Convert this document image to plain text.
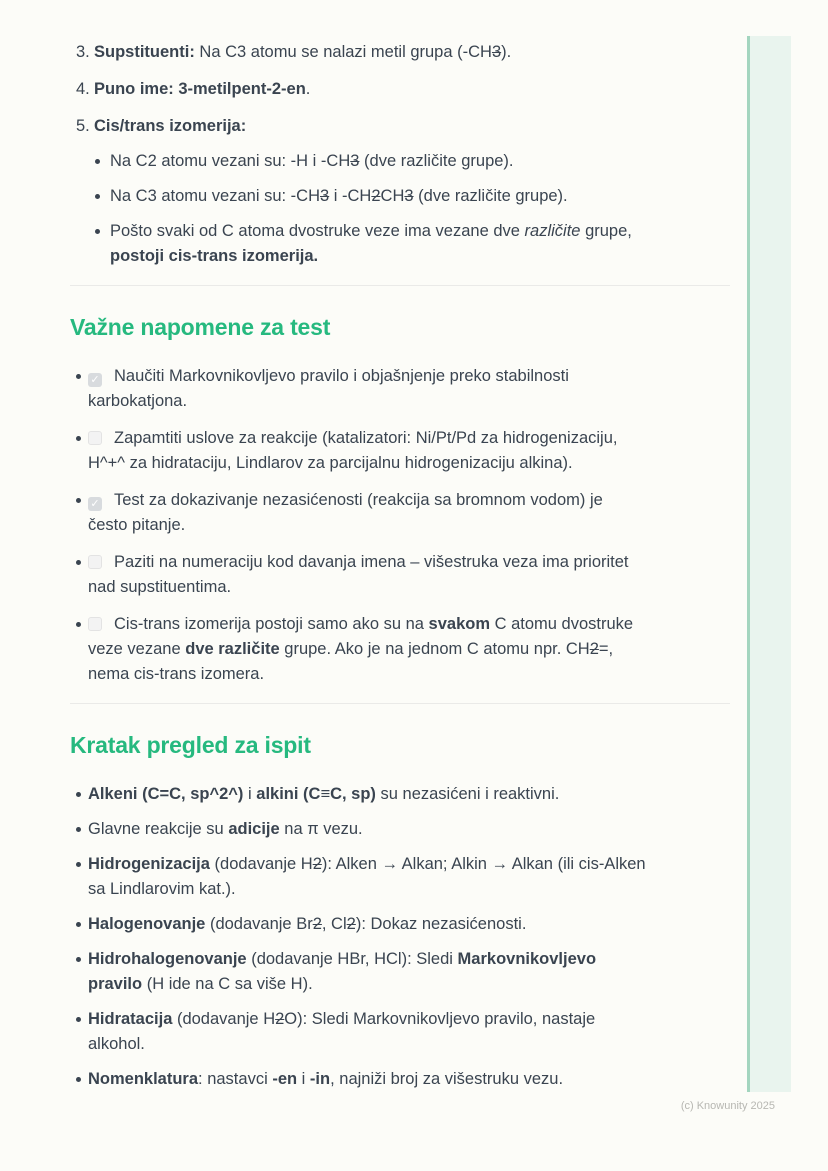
3. Supstituenti: Na C3 atomu se nalazi metil grupa (-CH3).
4. Puno ime: 3-metilpent-2-en.
5. Cis/trans izomerija:
Na C2 atomu vezani su: -H i -CH3 (dve različite grupe).
Na C3 atomu vezani su: -CH3 i -CH2CH3 (dve različite grupe).
Pošto svaki od C atoma dvostruke veze ima vezane dve različite grupe,
postoji cis-trans izomerija.
Važne napomene za test
✓ Naučiti Markovnikovljevo pravilo i objašnjenje preko stabilnosti
karbokatjona.
Zapamtiti uslove za reakcije (katalizatori: Ni/Pt/Pd za hidrogenizaciju,
H^+^ za hidrataciju, Lindlarov za parcijalnu hidrogenizaciju alkina).
✓ Test za dokazivanje nezasićenosti (reakcija sa bromnom vodom) je
često pitanje.
Paziti na numeraciju kod davanja imena – višestruka veza ima prioritet
nad supstituentima.
Cis-trans izomerija postoji samo ako su na svakom C atomu dvostruke
veze vezane dve različite grupe. Ako je na jednom C atomu npr. CH2=,
nema cis-trans izomera.
Kratak pregled za ispit
Alkeni (C=C, sp^2^) i alkini (C≡C, sp) su nezasićeni i reaktivni.
Glavne reakcije su adicije na π vezu.
Hidrogenizacija (dodavanje H2): Alken → Alkan; Alkin → Alkan (ili cis-Alken
sa Lindlarovim kat.).
Halogenovanje (dodavanje Br2, Cl2): Dokaz nezasićenosti.
Hidrohalogenovanje (dodavanje HBr, HCl): Sledi Markovnikovljevo
pravilo (H ide na C sa više H).
Hidratacija (dodavanje H2O): Sledi Markovnikovljevo pravilo, nastaje
alkohol.
Nomenklatura: nastavci -en i -in, najniži broj za višestruku vezu.
(c) Knowunity 2025
